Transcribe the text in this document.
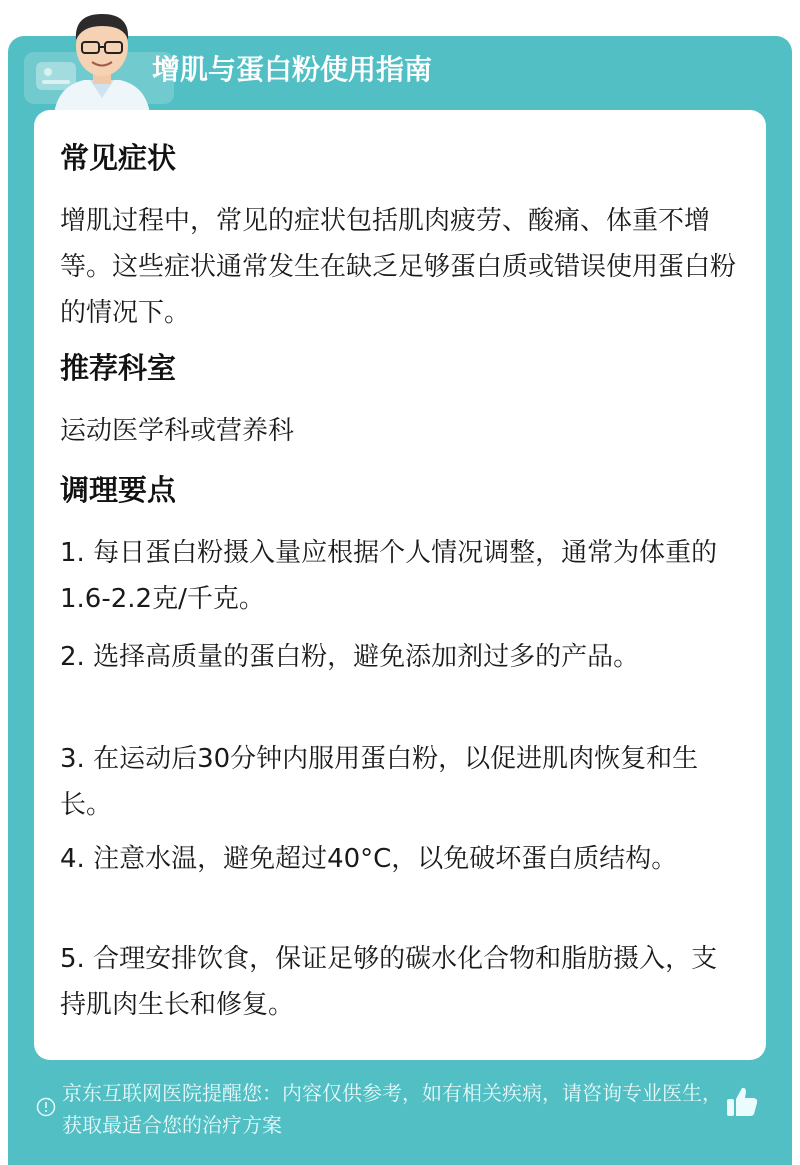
增肌与蛋白粉使用指南
常见症状
增肌过程中，常见的症状包括肌肉疲劳、酸痛、体重不增等。这些症状通常发生在缺乏足够蛋白质或错误使用蛋白粉的情况下。
推荐科室
运动医学科或营养科
调理要点
1. 每日蛋白粉摄入量应根据个人情况调整，通常为体重的1.6-2.2克/千克。
2. 选择高质量的蛋白粉，避免添加剂过多的产品。
3. 在运动后30分钟内服用蛋白粉，以促进肌肉恢复和生长。
4. 注意水温，避免超过40°C，以免破坏蛋白质结构。
5. 合理安排饮食，保证足够的碳水化合物和脂肪摄入，支持肌肉生长和修复。
京东互联网医院提醒您：内容仅供参考，如有相关疾病，请咨询专业医生，获取最适合您的治疗方案
